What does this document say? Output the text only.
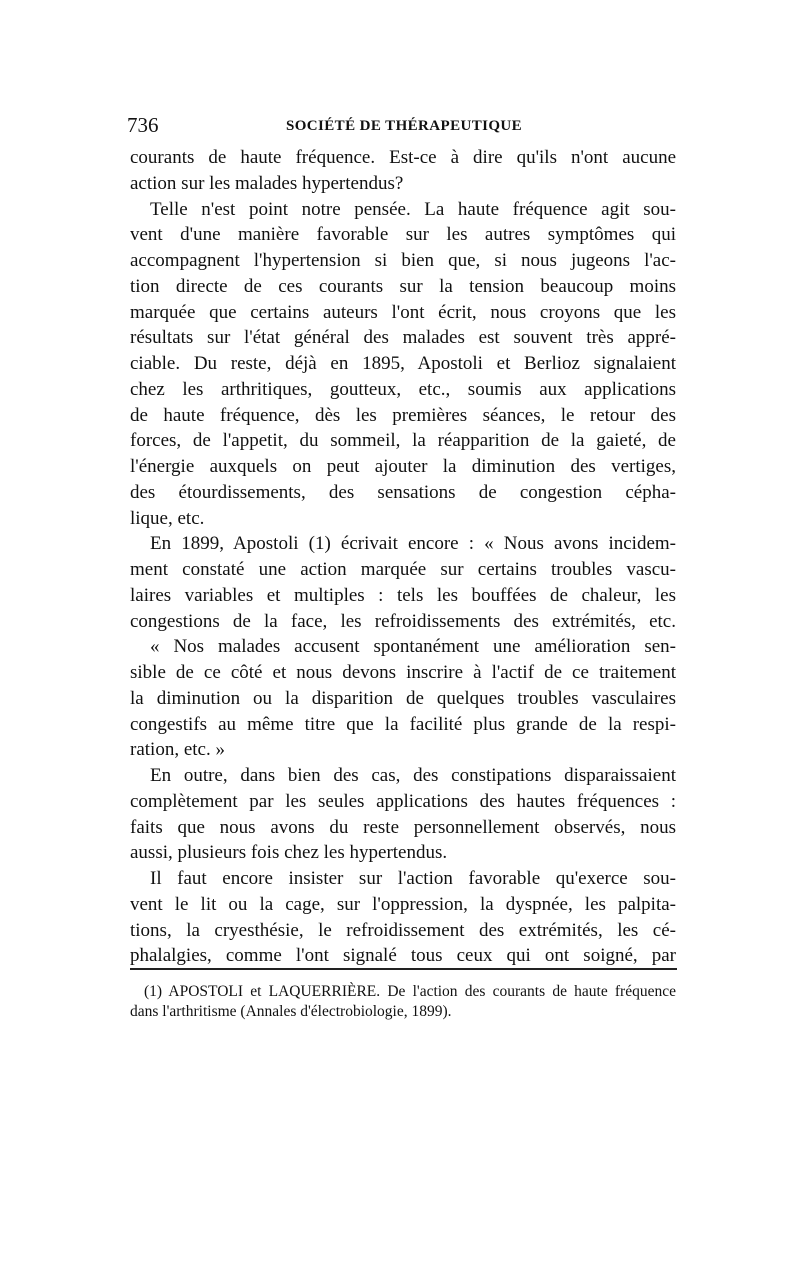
736	SOCIÉTÉ DE THÉRAPEUTIQUE
courants de haute fréquence. Est-ce à dire qu'ils n'ont aucune
action sur les malades hypertendus?
Telle n'est point notre pensée. La haute fréquence agit sou-
vent d'une manière favorable sur les autres symptômes qui
accompagnent l'hypertension si bien que, si nous jugeons l'ac-
tion directe de ces courants sur la tension beaucoup moins
marquée que certains auteurs l'ont écrit, nous croyons que les
résultats sur l'état général des malades est souvent très appré-
ciable. Du reste, déjà en 1895, Apostoli et Berlioz signalaient
chez les arthritiques, goutteux, etc., soumis aux applications
de haute fréquence, dès les premières séances, le retour des
forces, de l'appetit, du sommeil, la réapparition de la gaieté, de
l'énergie auxquels on peut ajouter la diminution des vertiges,
des étourdissements, des sensations de congestion cépha-
lique, etc.
En 1899, Apostoli (1) écrivait encore : « Nous avons incidem-
ment constaté une action marquée sur certains troubles vascu-
laires variables et multiples : tels les bouffées de chaleur, les
congestions de la face, les refroidissements des extrémités, etc.
« Nos malades accusent spontanément une amélioration sen-
sible de ce côté et nous devons inscrire à l'actif de ce traitement
la diminution ou la disparition de quelques troubles vasculaires
congestifs au même titre que la facilité plus grande de la respi-
ration, etc. »
En outre, dans bien des cas, des constipations disparaissaient
complètement par les seules applications des hautes fréquences :
faits que nous avons du reste personnellement observés, nous
aussi, plusieurs fois chez les hypertendus.
Il faut encore insister sur l'action favorable qu'exerce sou-
vent le lit ou la cage, sur l'oppression, la dyspnée, les palpita-
tions, la cryesthésie, le refroidissement des extrémités, les cé-
phalalgies, comme l'ont signalé tous ceux qui ont soigné, par
(1) APOSTOLI et LAQUERRIÈRE. De l'action des courants de haute fréquence
dans l'arthritisme (Annales d'électrobiologie, 1899).
